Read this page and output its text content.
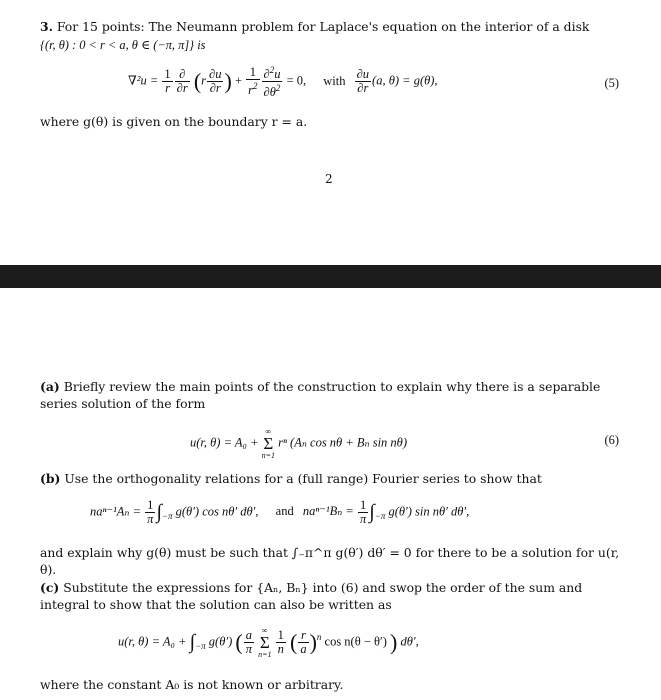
3. For 15 points: The Neumann problem for Laplace's equation on the interior of a disk
{(r, θ) : 0 < r < a, θ ∈ (−π, π]} is
$\nabla^2u = \frac{1}{r} \frac{\partial}{\partial r} (r \frac{\partial u}{\partial r}$ ) + $\frac{1}{r^2} \frac{\partial^2u}{\partial\theta^2} = 0$, with $\frac{\partial u}{\partial r} (a$, θ) = g(θ),	(5)
where g(θ) is given on the boundary r = a.
2
(a) Briefly review the main points of the construction to explain why there is a separable series solution of the form
u(r, θ) = A₀ +
∞
Σ
n=1
rⁿ (Aₙ cos nθ + Bₙ sin nθ)	(6)
(b) Use the orthogonality relations for a (full range) Fourier series to show that
$na^{n-1}A_n = \frac{1}{\pi} \int_{-\pi}$ g(θ′) cos nθ′ dθ′, and $na^{n-1}B_n = \frac{1}{\pi} \int_{-\pi}$ g(θ′) sin nθ′ dθ′,
and explain why g(θ) must be such that ∫₋π^π g(θ′) dθ′ = 0 for there to be a solution for u(r, θ).
(c) Substitute the expressions for {Aₙ, Bₙ} into (6) and swop the order of the sum and integral to show that the solution can also be written as
u(r, $\theta) = A_0 + \int_{-\pi}$ g(θ′) ( $\frac{a}{\pi}$
∞
Σ
n=1
$\frac{1}{n}$ ( $\frac{r}{a} )^n$ cos n(θ − θ′) ) dθ′,
where the constant A₀ is not known or arbitrary.
